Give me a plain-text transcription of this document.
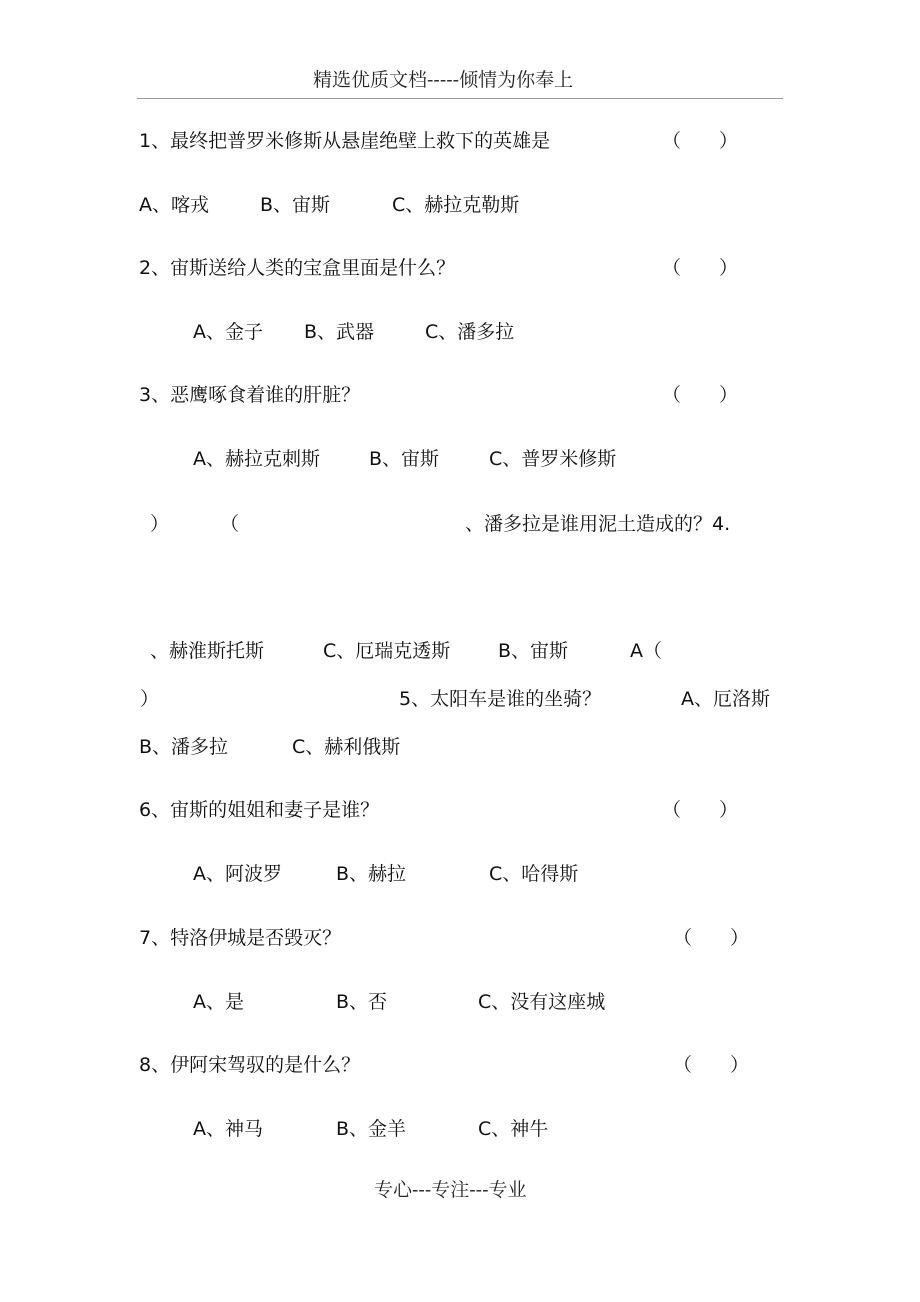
精选优质文档-----倾情为你奉上
1、最终把普罗米修斯从悬崖绝壁上救下的英雄是	（　　）
A、喀戎	B、宙斯	C、赫拉克勒斯
2、宙斯送给人类的宝盒里面是什么？	（　　）
A、金子 B、武器	C、潘多拉
3、恶鹰啄食着谁的肝脏？	（　　）
A、赫拉克刺斯	B、宙斯	C、普罗米修斯
）	（	、潘多拉是谁用泥土造成的？4.
、赫淮斯托斯	C、厄瑞克透斯	B、宙斯	A（
）	5、太阳车是谁的坐骑？	A、厄洛斯
B、潘多拉	C、赫利俄斯
6、宙斯的姐姐和妻子是谁？	（　　）
A、阿波罗	B、赫拉	C、哈得斯
7、特洛伊城是否毁灭？	（　　）
A、是	B、否	C、没有这座城
8、伊阿宋驾驭的是什么？	（　　）
A、神马	B、金羊	C、神牛
专心---专注---专业
